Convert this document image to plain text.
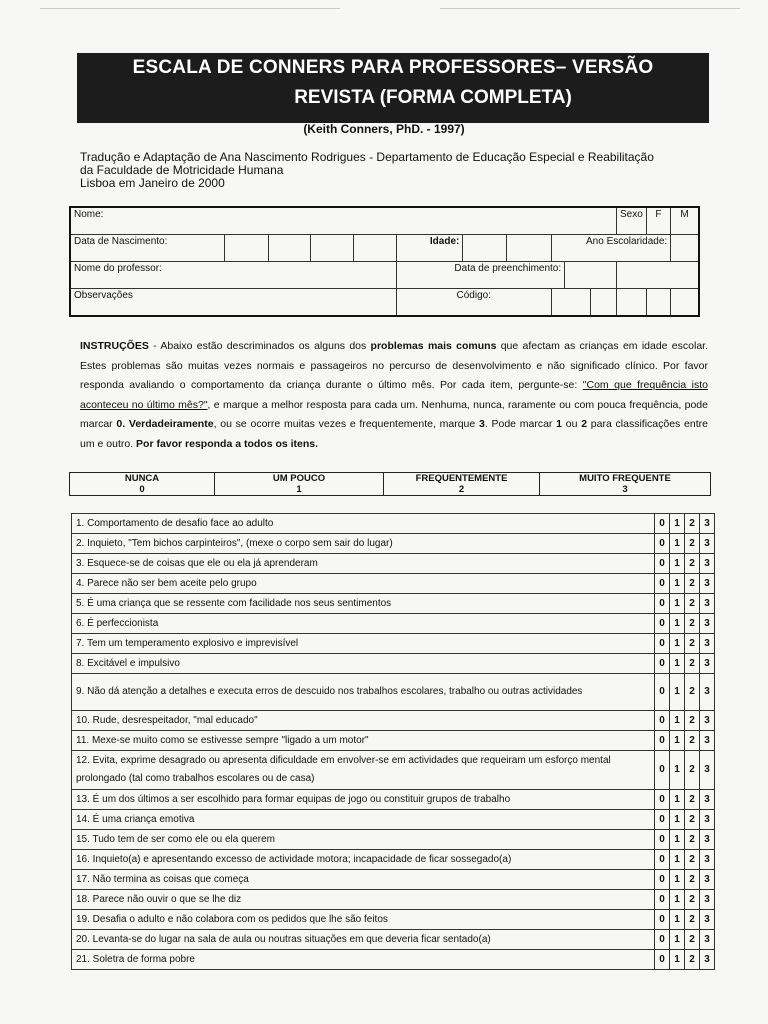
ESCALA DE CONNERS PARA PROFESSORES– VERSÃO
REVISTA (FORMA COMPLETA)
(Keith Conners, PhD. - 1997)
Tradução e Adaptação de Ana Nascimento Rodrigues - Departamento de Educação Especial e Reabilitação
da Faculdade de Motricidade Humana
Lisboa em Janeiro de 2000
Nome:											Sexo	F	M
Data de Nascimento:					Idade:			Ano Escolaridade:					
Nome do professor:					Data de preenchimento:								
Observações					Código:								
INSTRUÇÕES - Abaixo estão descriminados os alguns dos problemas mais comuns que afectam as crianças em idade escolar. Estes problemas são muitas vezes normais e passageiros no percurso de desenvolvimento e não significado clínico. Por favor responda avaliando o comportamento da criança durante o último mês. Por cada item, pergunte-se: "Com que frequência isto aconteceu no último mês?", e marque a melhor resposta para cada um. Nenhuma, nunca, raramente ou com pouca frequência, pode marcar 0. Verdadeiramente, ou se ocorre muitas vezes e frequentemente, marque 3. Pode marcar 1 ou 2 para classificações entre um e outro. Por favor responda a todos os itens.
NUNCA
0

UM POUCO
1

FREQUENTEMENTE
2

MUITO FREQUENTE
3
1. Comportamento de desafio face ao adulto	0	1	2	3
2. Inquieto, "Tem bichos carpinteiros", (mexe o corpo sem sair do lugar)	0	1	2	3
3. Esquece-se de coisas que ele ou ela já aprenderam	0	1	2	3
4. Parece não ser bem aceite pelo grupo	0	1	2	3
5. É uma criança que se ressente com facilidade nos seus sentimentos	0	1	2	3
6. É perfeccionista	0	1	2	3
7. Tem um temperamento explosivo e imprevisível	0	1	2	3
8. Excitável e impulsivo	0	1	2	3
9. Não dá atenção a detalhes e executa erros de descuido nos trabalhos escolares, trabalho ou outras actividades	0	1	2	3
10. Rude, desrespeitador, "mal educado"	0	1	2	3
11. Mexe-se muito como se estivesse sempre "ligado a um motor"	0	1	2	3
12. Evita, exprime desagrado ou apresenta dificuldade em envolver-se em actividades que requeiram um esforço mental prolongado (tal como trabalhos escolares ou de casa)	0	1	2	3
13. É um dos últimos a ser escolhido para formar equipas de jogo ou constituir grupos de trabalho	0	1	2	3
14. É uma criança emotiva	0	1	2	3
15. Tudo tem de ser como ele ou ela querem	0	1	2	3
16. Inquieto(a) e apresentando excesso de actividade motora; incapacidade de ficar sossegado(a)	0	1	2	3
17. Não termina as coisas que começa	0	1	2	3
18. Parece não ouvir o que se lhe diz	0	1	2	3
19. Desafia o adulto e não colabora com os pedidos que lhe são feitos	0	1	2	3
20. Levanta-se do lugar na sala de aula ou noutras situações em que deveria ficar sentado(a)	0	1	2	3
21. Soletra de forma pobre	0	1	2	3
